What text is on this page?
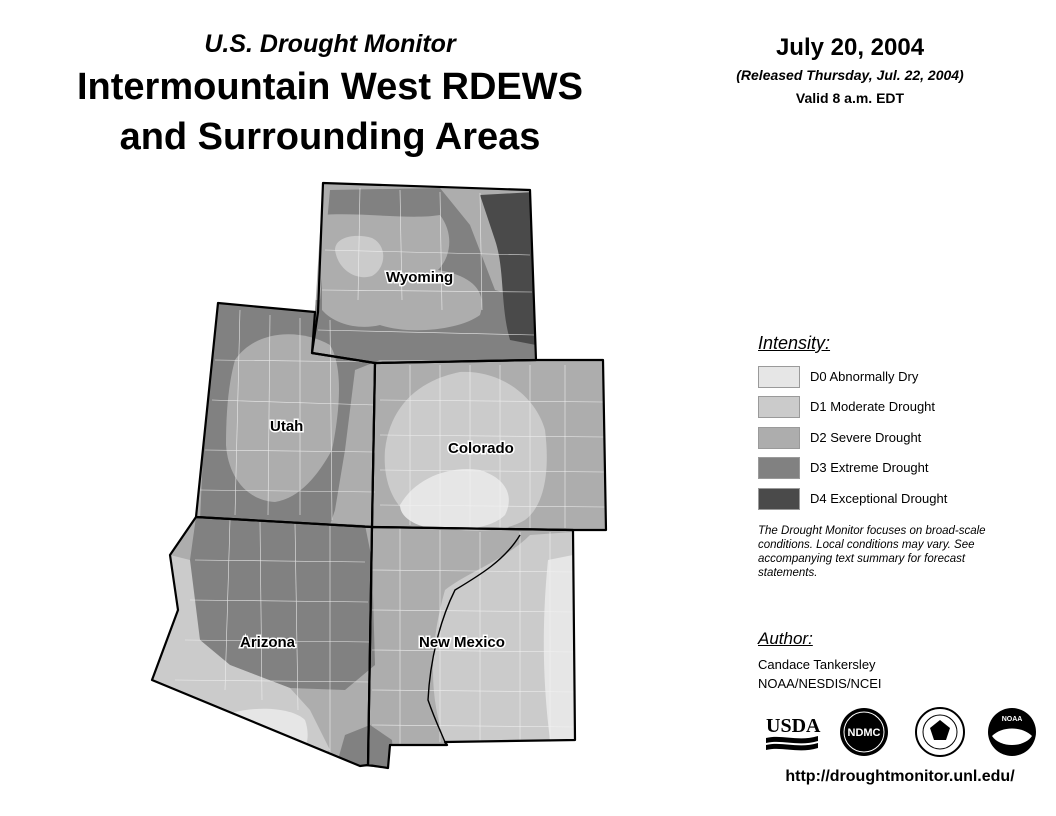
U.S. Drought Monitor
Intermountain West RDEWS
and Surrounding Areas
July 20, 2004
(Released Thursday, Jul. 22, 2004)
Valid 8 a.m. EDT
Wyoming
Utah
Colorado
Arizona	New Mexico
Intensity:
D0 Abnormally Dry
D1 Moderate Drought
D2 Severe Drought
D3 Extreme Drought
D4 Exceptional Drought
The Drought Monitor focuses on broad-scale conditions. Local conditions may vary. See accompanying text summary for forecast statements.
Author:
Candace Tankersley
NOAA/NESDIS/NCEI
USDA NDMC
NOAA
http://droughtmonitor.unl.edu/
